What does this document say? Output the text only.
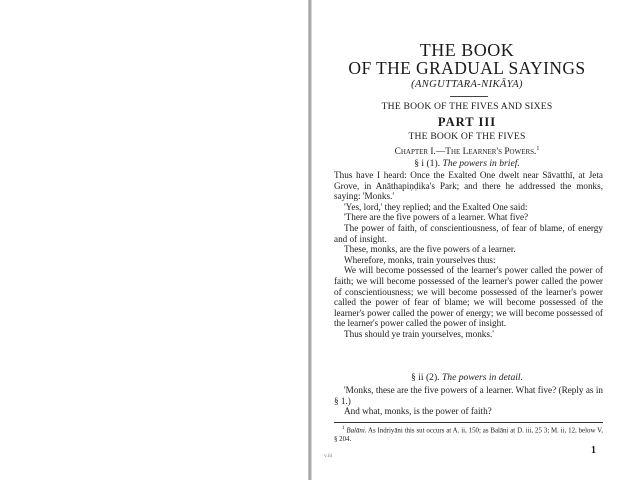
THE BOOK
OF THE GRADUAL SAYINGS
(ANGUTTARA-NIKĀYA)
THE BOOK OF THE FIVES AND SIXES
PART III
THE BOOK OF THE FIVES
Chapter I.—The Learner's Powers.$^1$
§ i (1). The powers in brief.

Thus have I heard: Once the Exalted One dwelt near Sāvatthī, at Jeta Grove, in Anāthapiṇḍika's Park; and there he addressed the monks, saying: 'Monks.'

'Yes, lord,' they replied; and the Exalted One said:

'There are the five powers of a learner. What five?

The power of faith, of conscientiousness, of fear of blame, of energy and of insight.

These, monks, are the five powers of a learner.

Wherefore, monks, train yourselves thus:

We will become possessed of the learner's power called the power of faith; we will become possessed of the learner's power called the power of conscientiousness; we will become possessed of the learner's power called the power of fear of blame; we will become possessed of the learner's power called the power of energy; we will become possessed of the learner's power called the power of insight.

Thus should ye train yourselves, monks.'

§ ii (2). The powers in detail.

'Monks, these are the five powers of a learner. What five? (Reply as in § 1.)

And what, monks, is the power of faith?

$^1$ Balāni. As Indriyāni this sut occurs at A. ii, 150; as Balāni at D. iii, 25 3; M. ii, 12, below V, § 204.
1
v.iii
